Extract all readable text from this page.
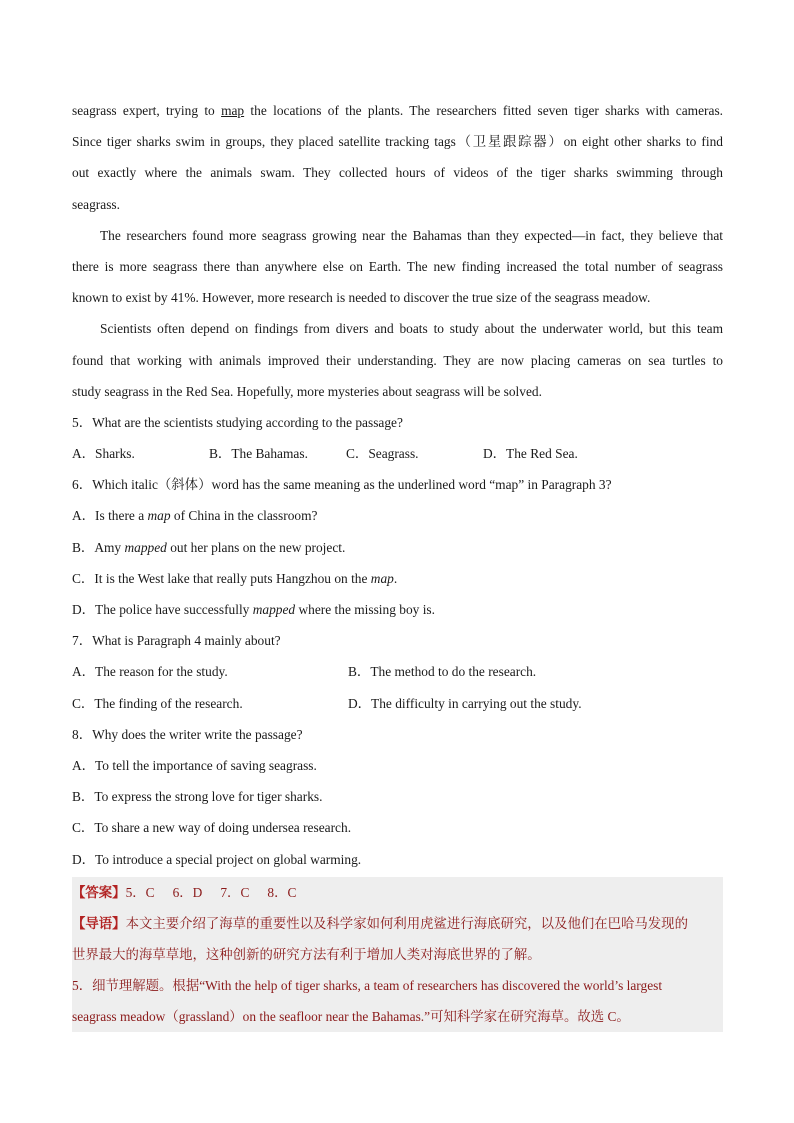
seagrass expert, trying to map the locations of the plants. The researchers fitted seven tiger sharks with cameras.
Since tiger sharks swim in groups, they placed satellite tracking tags（卫星跟踪器）on eight other sharks to find
out exactly where the animals swam. They collected hours of videos of the tiger sharks swimming through
seagrass.
The researchers found more seagrass growing near the Bahamas than they expected—in fact, they believe that
there is more seagrass there than anywhere else on Earth. The new finding increased the total number of seagrass
known to exist by 41%. However, more research is needed to discover the true size of the seagrass meadow.
Scientists often depend on findings from divers and boats to study about the underwater world, but this team
found that working with animals improved their understanding. They are now placing cameras on sea turtles to
study seagrass in the Red Sea. Hopefully, more mysteries about seagrass will be solved.
5．What are the scientists studying according to the passage?
A．Sharks.	B．The Bahamas.	C．Seagrass.	D．The Red Sea.
6．Which italic（斜体）word has the same meaning as the underlined word “map” in Paragraph 3?
A．Is there a map of China in the classroom?
B．Amy mapped out her plans on the new project.
C．It is the West lake that really puts Hangzhou on the map.
D．The police have successfully mapped where the missing boy is.
7．What is Paragraph 4 mainly about?
A．The reason for the study.	B．The method to do the research.
C．The finding of the research.	D．The difficulty in carrying out the study.
8．Why does the writer write the passage?
A．To tell the importance of saving seagrass.
B．To express the strong love for tiger sharks.
C．To share a new way of doing undersea research.
D．To introduce a special project on global warming.
【答案】5．C 6．D 7．C 8．C
【导语】本文主要介绍了海草的重要性以及科学家如何利用虎鲨进行海底研究，以及他们在巴哈马发现的
世界最大的海草草地，这种创新的研究方法有利于增加人类对海底世界的了解。
5．细节理解题。根据“With the help of tiger sharks, a team of researchers has discovered the world’s largest
seagrass meadow（grassland）on the seafloor near the Bahamas.”可知科学家在研究海草。故选 C。
